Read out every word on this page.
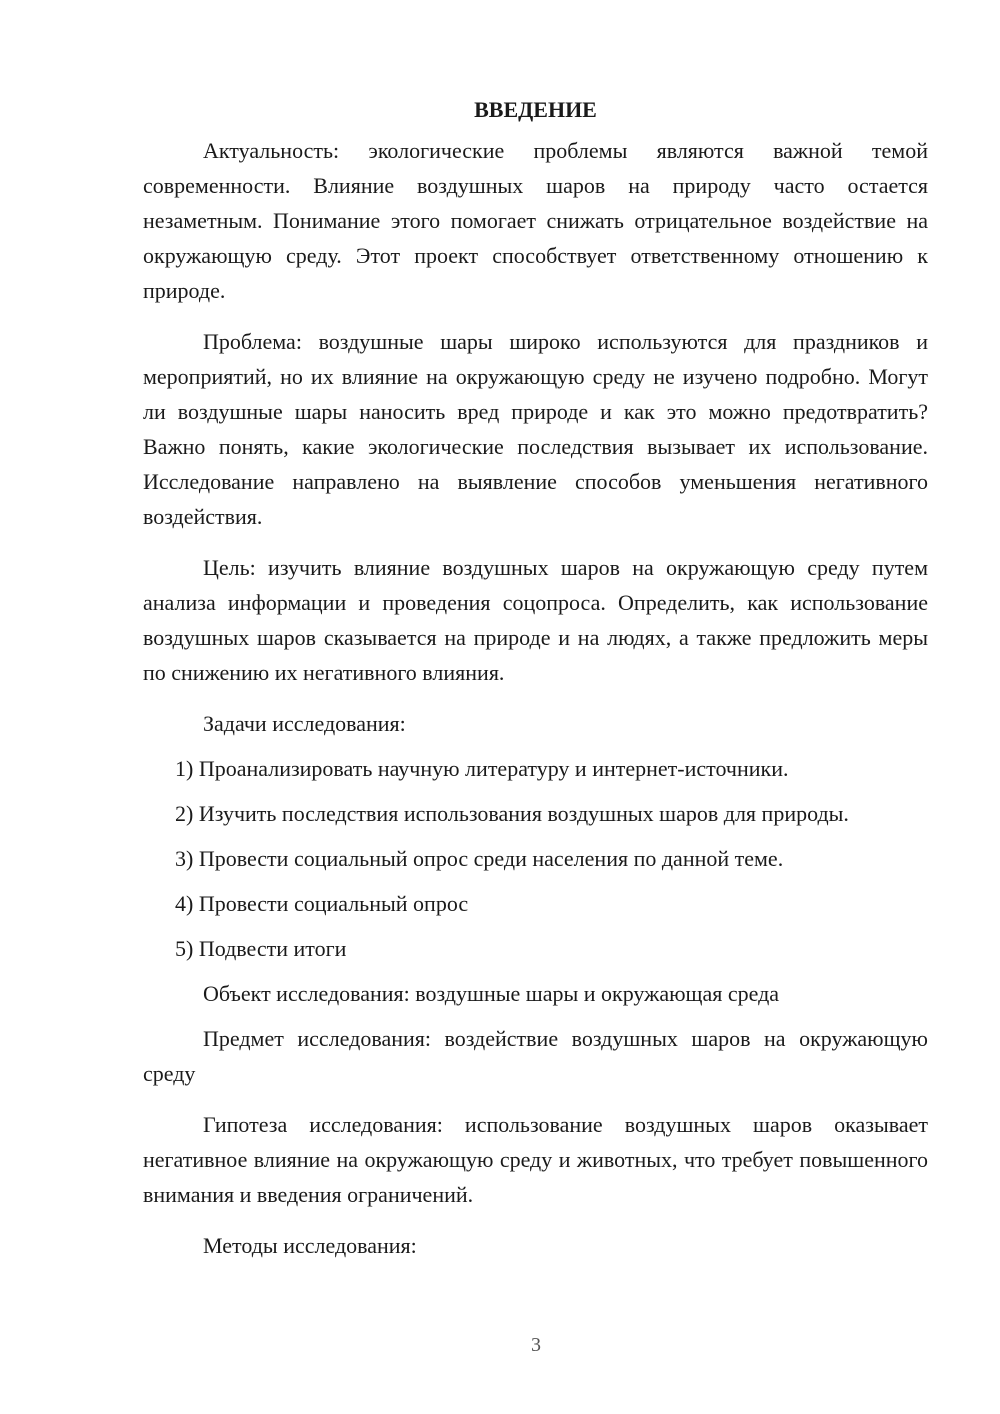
ВВЕДЕНИЕ

Актуальность: экологические проблемы являются важной темой современности. Влияние воздушных шаров на природу часто остается незаметным. Понимание этого помогает снижать отрицательное воздействие на окружающую среду. Этот проект способствует ответственному отношению к природе.

Проблема: воздушные шары широко используются для праздников и мероприятий, но их влияние на окружающую среду не изучено подробно. Могут ли воздушные шары наносить вред природе и как это можно предотвратить? Важно понять, какие экологические последствия вызывает их использование. Исследование направлено на выявление способов уменьшения негативного воздействия.

Цель: изучить влияние воздушных шаров на окружающую среду путем анализа информации и проведения соцопроса. Определить, как использование воздушных шаров сказывается на природе и на людях, а также предложить меры по снижению их негативного влияния.

Задачи исследования:

1) Проанализировать научную литературу и интернет-источники.

2) Изучить последствия использования воздушных шаров для природы.

3) Провести социальный опрос среди населения по данной теме.

4) Провести социальный опрос

5) Подвести итоги

Объект исследования: воздушные шары и окружающая среда

Предмет исследования: воздействие воздушных шаров на окружающую среду

Гипотеза исследования: использование воздушных шаров оказывает негативное влияние на окружающую среду и животных, что требует повышенного внимания и введения ограничений.

Методы исследования:

3
